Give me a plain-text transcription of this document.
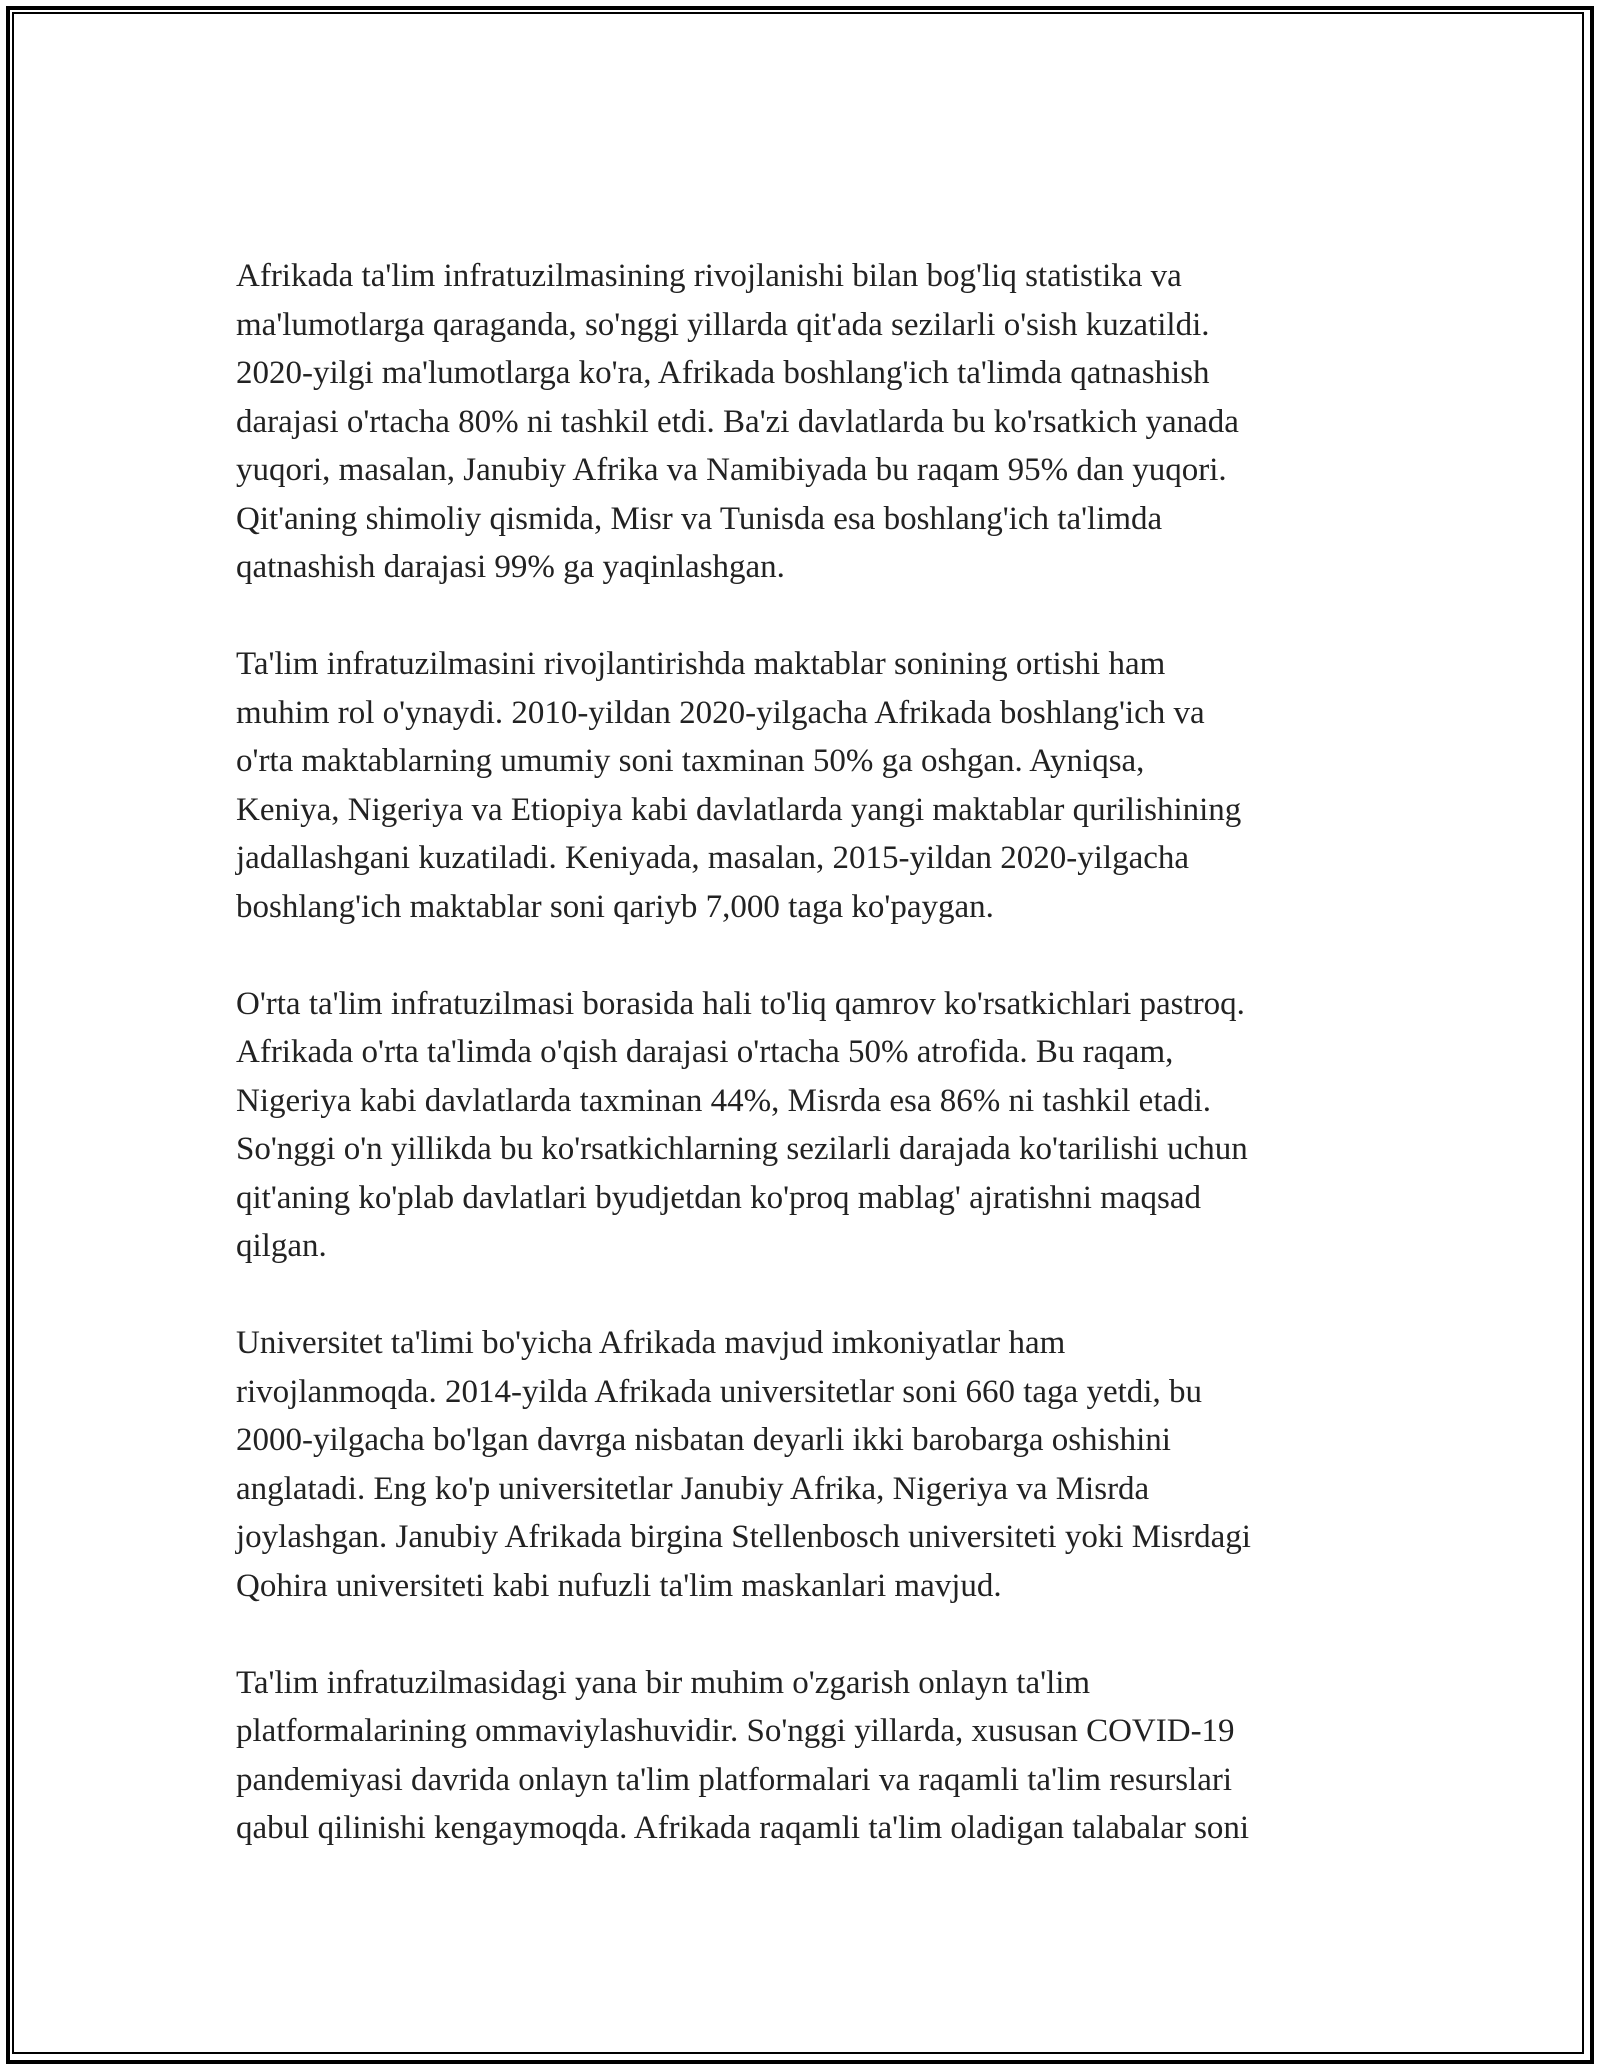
Afrikada ta'lim infratuzilmasining rivojlanishi bilan bog'liq statistika va
ma'lumotlarga qaraganda, so'nggi yillarda qit'ada sezilarli o'sish kuzatildi.
2020-yilgi ma'lumotlarga ko'ra, Afrikada boshlang'ich ta'limda qatnashish
darajasi o'rtacha 80% ni tashkil etdi. Ba'zi davlatlarda bu ko'rsatkich yanada
yuqori, masalan, Janubiy Afrika va Namibiyada bu raqam 95% dan yuqori.
Qit'aning shimoliy qismida, Misr va Tunisda esa boshlang'ich ta'limda
qatnashish darajasi 99% ga yaqinlashgan.

Ta'lim infratuzilmasini rivojlantirishda maktablar sonining ortishi ham
muhim rol o'ynaydi. 2010-yildan 2020-yilgacha Afrikada boshlang'ich va
o'rta maktablarning umumiy soni taxminan 50% ga oshgan. Ayniqsa,
Keniya, Nigeriya va Etiopiya kabi davlatlarda yangi maktablar qurilishining
jadallashgani kuzatiladi. Keniyada, masalan, 2015-yildan 2020-yilgacha
boshlang'ich maktablar soni qariyb 7,000 taga ko'paygan.

O'rta ta'lim infratuzilmasi borasida hali to'liq qamrov ko'rsatkichlari pastroq.
Afrikada o'rta ta'limda o'qish darajasi o'rtacha 50% atrofida. Bu raqam,
Nigeriya kabi davlatlarda taxminan 44%, Misrda esa 86% ni tashkil etadi.
So'nggi o'n yillikda bu ko'rsatkichlarning sezilarli darajada ko'tarilishi uchun
qit'aning ko'plab davlatlari byudjetdan ko'proq mablag' ajratishni maqsad
qilgan.

Universitet ta'limi bo'yicha Afrikada mavjud imkoniyatlar ham
rivojlanmoqda. 2014-yilda Afrikada universitetlar soni 660 taga yetdi, bu
2000-yilgacha bo'lgan davrga nisbatan deyarli ikki barobarga oshishini
anglatadi. Eng ko'p universitetlar Janubiy Afrika, Nigeriya va Misrda
joylashgan. Janubiy Afrikada birgina Stellenbosch universiteti yoki Misrdagi
Qohira universiteti kabi nufuzli ta'lim maskanlari mavjud.

Ta'lim infratuzilmasidagi yana bir muhim o'zgarish onlayn ta'lim
platformalarining ommaviylashuvidir. So'nggi yillarda, xususan COVID-19
pandemiyasi davrida onlayn ta'lim platformalari va raqamli ta'lim resurslari
qabul qilinishi kengaymoqda. Afrikada raqamli ta'lim oladigan talabalar soni
